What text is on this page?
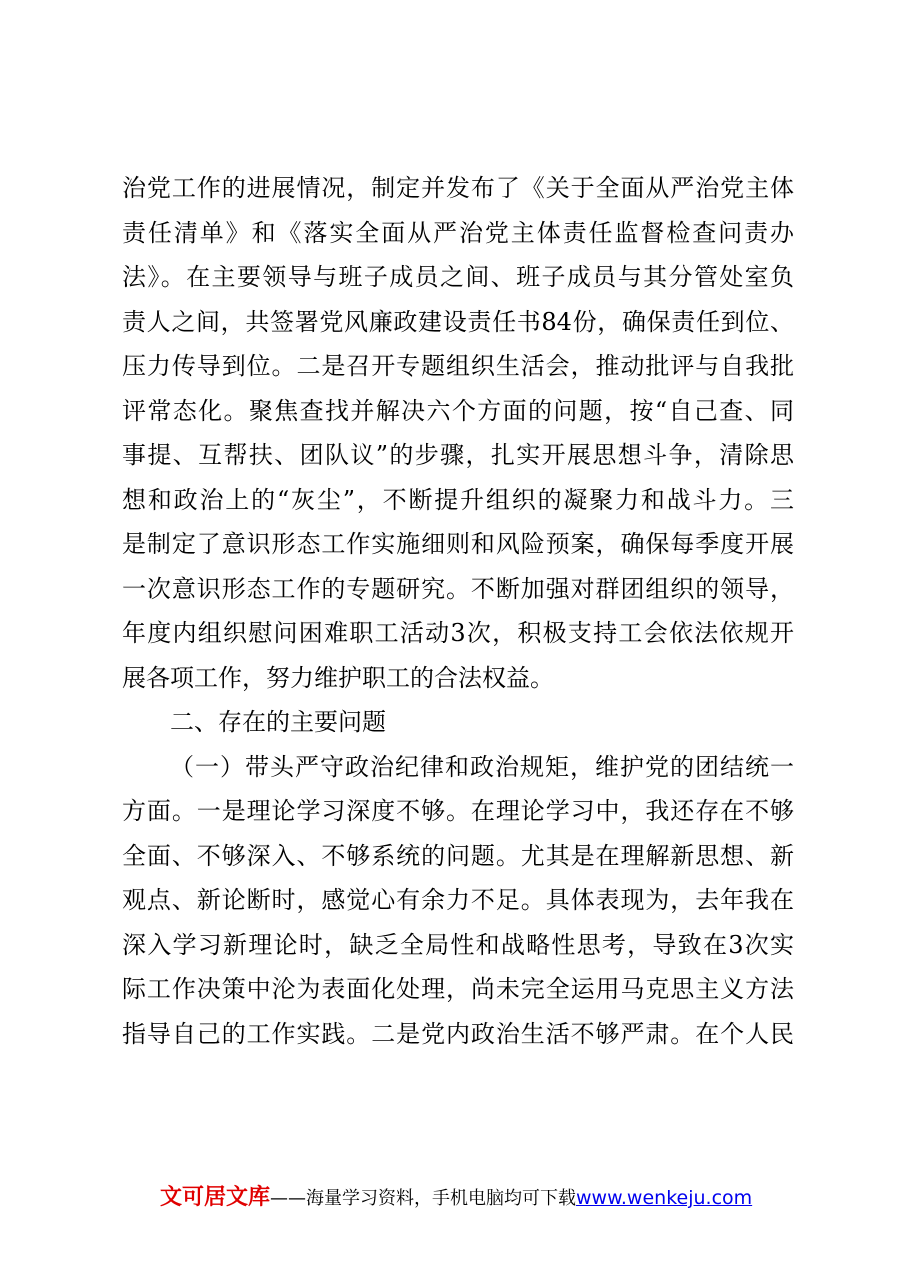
治党工作的进展情况，制定并发布了《关于全面从严治党主体
责任清单》和《落实全面从严治党主体责任监督检查问责办
法》。在主要领导与班子成员之间、班子成员与其分管处室负
责人之间，共签署党风廉政建设责任书84份，确保责任到位、
压力传导到位。二是召开专题组织生活会，推动批评与自我批
评常态化。聚焦查找并解决六个方面的问题，按“自己查、同
事提、互帮扶、团队议”的步骤，扎实开展思想斗争，清除思
想和政治上的“灰尘”，不断提升组织的凝聚力和战斗力。三
是制定了意识形态工作实施细则和风险预案，确保每季度开展
一次意识形态工作的专题研究。不断加强对群团组织的领导，
年度内组织慰问困难职工活动3次，积极支持工会依法依规开
展各项工作，努力维护职工的合法权益。
二、存在的主要问题
（一）带头严守政治纪律和政治规矩，维护党的团结统一
方面。一是理论学习深度不够。在理论学习中，我还存在不够
全面、不够深入、不够系统的问题。尤其是在理解新思想、新
观点、新论断时，感觉心有余力不足。具体表现为，去年我在
深入学习新理论时，缺乏全局性和战略性思考，导致在3次实
际工作决策中沦为表面化处理，尚未完全运用马克思主义方法
指导自己的工作实践。二是党内政治生活不够严肃。在个人民
文可居文库——海量学习资料，手机电脑均可下载www.wenkeju.com
